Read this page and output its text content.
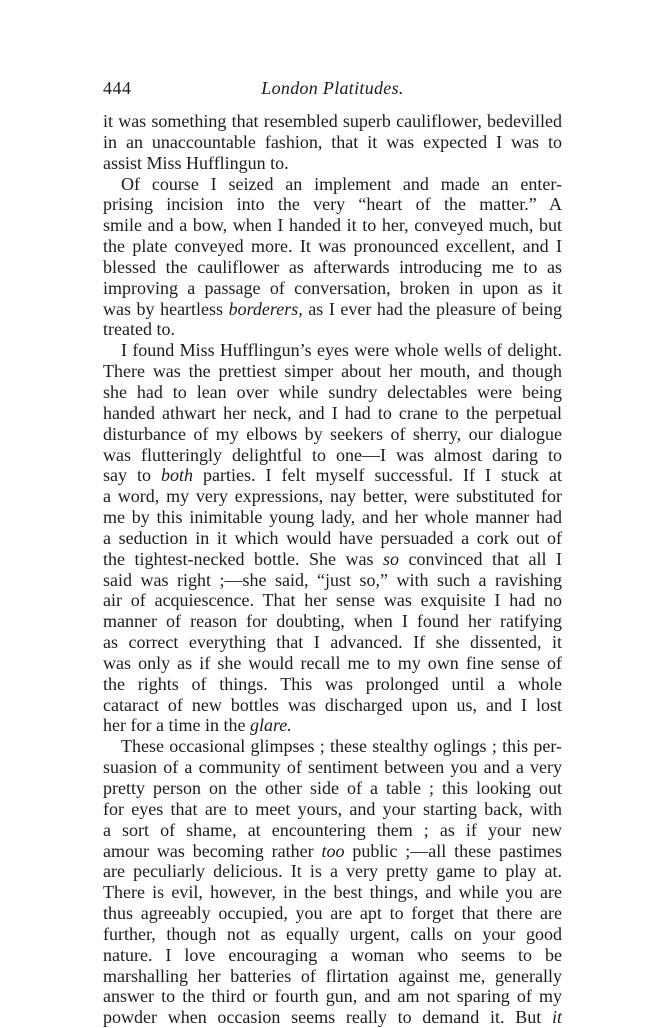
444	London Platitudes.
it was something that resembled superb cauliflower, bedevilled
in an unaccountable fashion, that it was expected I was to
assist Miss Hufflingun to.
Of course I seized an implement and made an enter-
prising incision into the very “heart of the matter.” A
smile and a bow, when I handed it to her, conveyed much, but
the plate conveyed more. It was pronounced excellent, and I
blessed the cauliflower as afterwards introducing me to as
improving a passage of conversation, broken in upon as it
was by heartless borderers, as I ever had the pleasure of being
treated to.
I found Miss Hufflingun’s eyes were whole wells of delight.
There was the prettiest simper about her mouth, and though
she had to lean over while sundry delectables were being
handed athwart her neck, and I had to crane to the perpetual
disturbance of my elbows by seekers of sherry, our dialogue
was flutteringly delightful to one—I was almost daring to
say to both parties. I felt myself successful. If I stuck at
a word, my very expressions, nay better, were substituted for
me by this inimitable young lady, and her whole manner had
a seduction in it which would have persuaded a cork out of
the tightest-necked bottle. She was so convinced that all I
said was right ;—she said, “just so,” with such a ravishing
air of acquiescence. That her sense was exquisite I had no
manner of reason for doubting, when I found her ratifying
as correct everything that I advanced. If she dissented, it
was only as if she would recall me to my own fine sense of
the rights of things. This was prolonged until a whole
cataract of new bottles was discharged upon us, and I lost
her for a time in the glare.
These occasional glimpses ; these stealthy oglings ; this per-
suasion of a community of sentiment between you and a very
pretty person on the other side of a table ; this looking out
for eyes that are to meet yours, and your starting back, with
a sort of shame, at encountering them ; as if your new
amour was becoming rather too public ;—all these pastimes
are peculiarly delicious. It is a very pretty game to play at.
There is evil, however, in the best things, and while you are
thus agreeably occupied, you are apt to forget that there are
further, though not as equally urgent, calls on your good
nature. I love encouraging a woman who seems to be
marshalling her batteries of flirtation against me, generally
answer to the third or fourth gun, and am not sparing of my
powder when occasion seems really to demand it. But it
